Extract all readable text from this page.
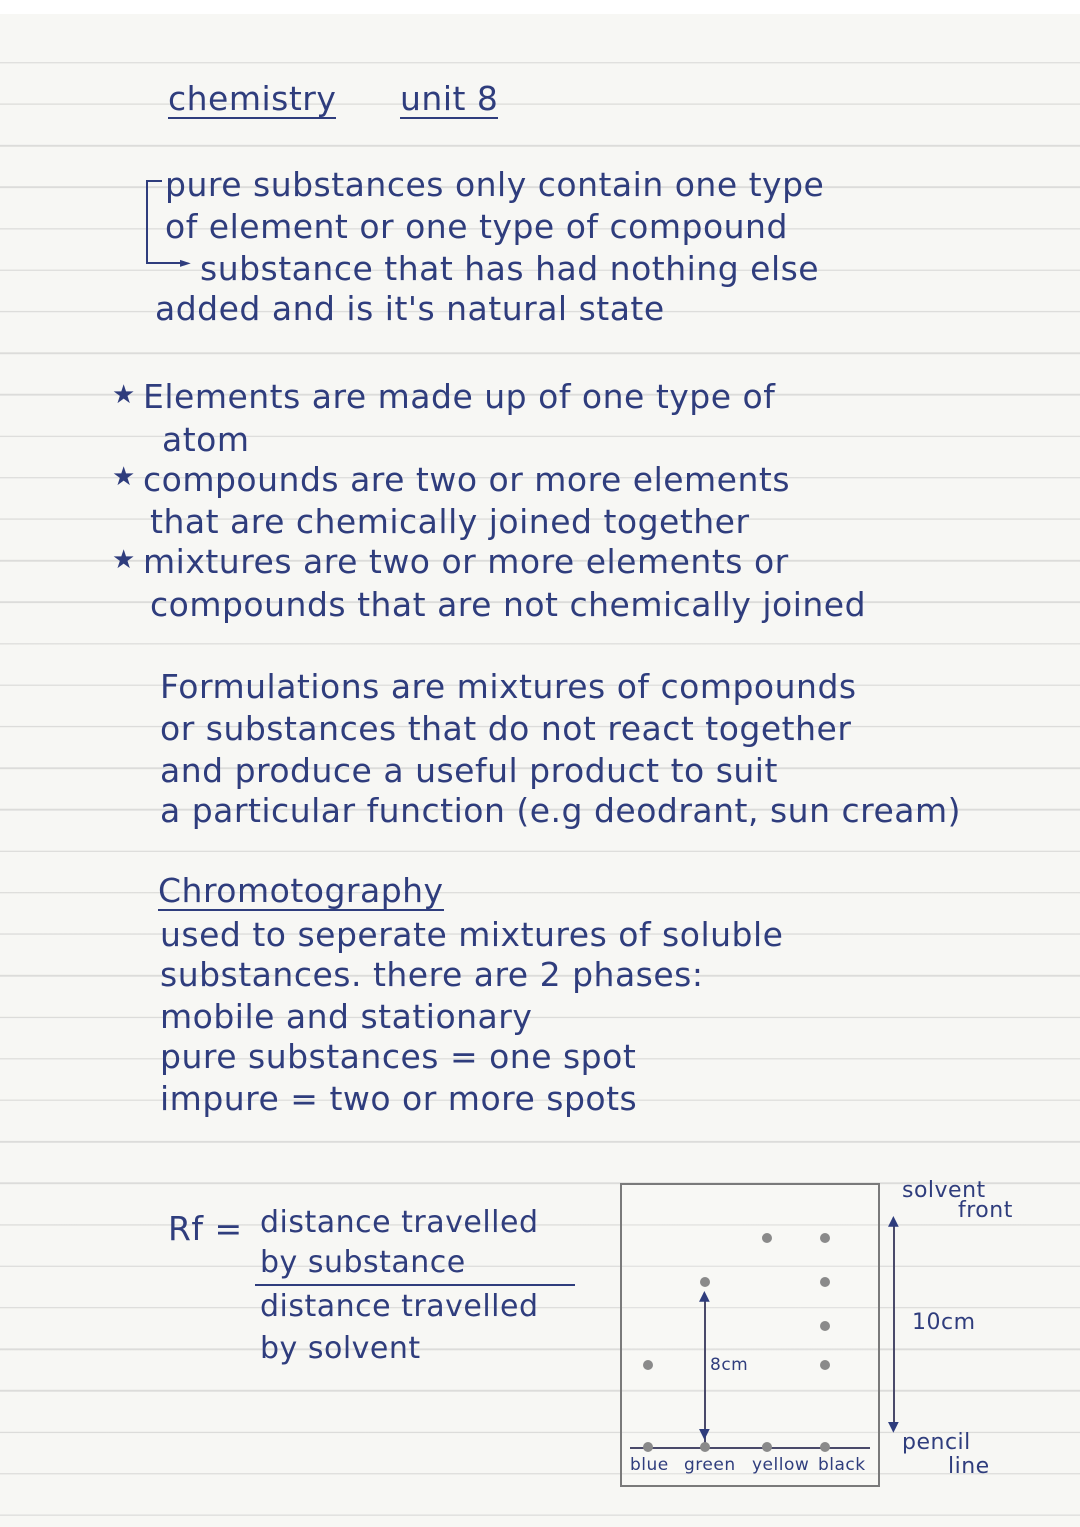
chemistry unit 8
►
pure substances only contain one type
of element or one type of compound
substance that has had nothing else
added and is it's natural state
★ Elements are made up of one type of
atom
★ compounds are two or more elements
that are chemically joined together
★ mixtures are two or more elements or
compounds that are not chemically joined
Formulations are mixtures of compounds
or substances that do not react together
and produce a useful product to suit
a particular function (e.g deodrant, sun cream)
Chromotography
used to seperate mixtures of soluble
substances. there are 2 phases:
mobile and stationary
pure substances = one spot
impure = two or more spots
Rf = distance travelled
by substance
distance travelled
by solvent
▲
▼
8cm
blue green yellow black
▲
▼
solvent
front
10cm
pencil
line
